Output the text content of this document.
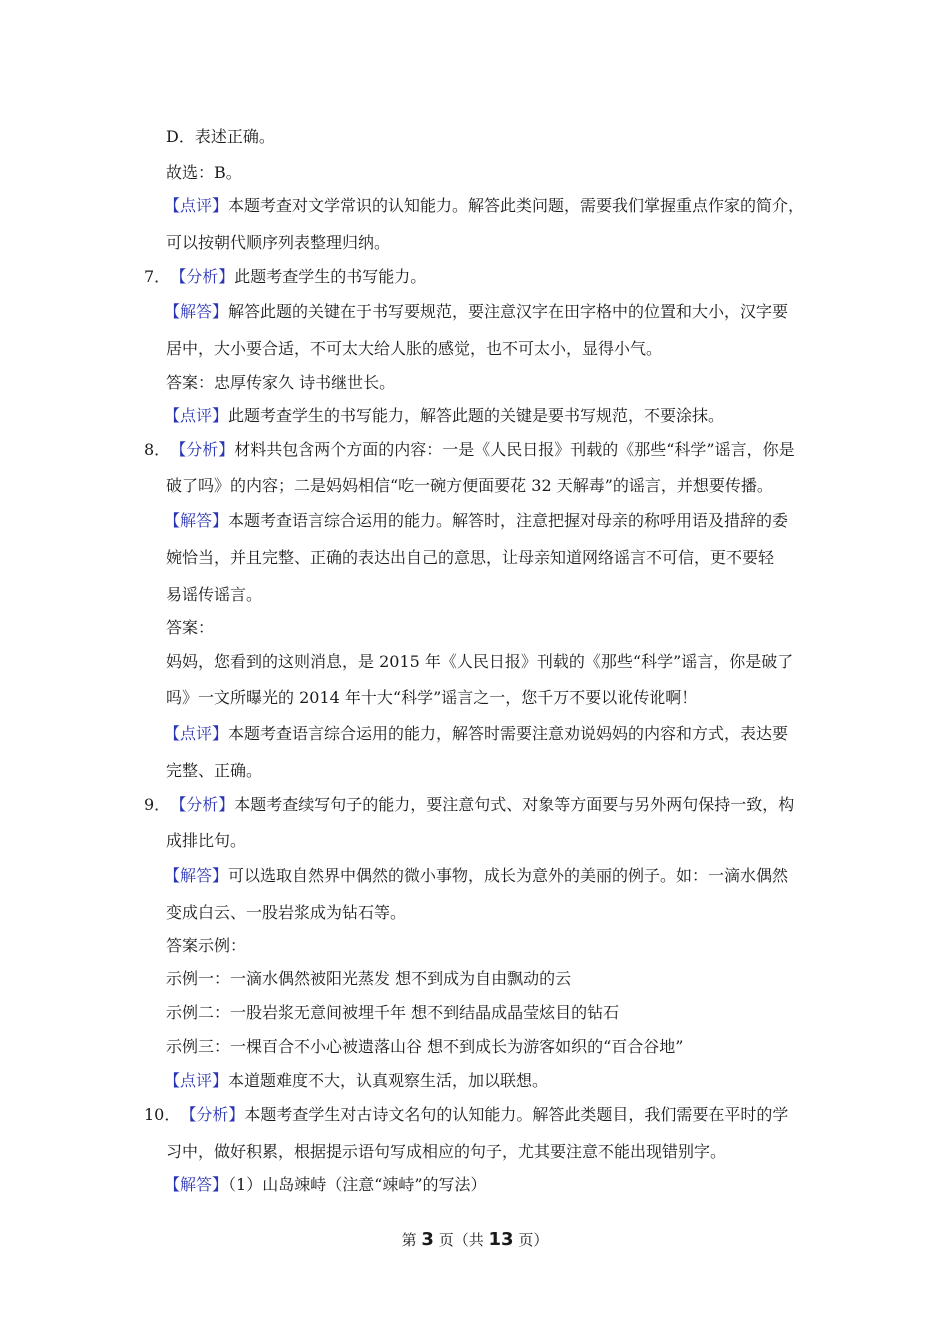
D．表述正确。
故选：B。
【点评】本题考查对文学常识的认知能力。解答此类问题，需要我们掌握重点作家的简介，
可以按朝代顺序列表整理归纳。
7．【分析】此题考查学生的书写能力。
【解答】解答此题的关键在于书写要规范，要注意汉字在田字格中的位置和大小，汉字要
居中，大小要合适，不可太大给人胀的感觉，也不可太小，显得小气。
答案：忠厚传家久 诗书继世长。
【点评】此题考查学生的书写能力，解答此题的关键是要书写规范，不要涂抹。
8．【分析】材料共包含两个方面的内容：一是《人民日报》刊载的《那些“科学”谣言，你是
破了吗》的内容；二是妈妈相信“吃一碗方便面要花 32 天解毒”的谣言，并想要传播。
【解答】本题考查语言综合运用的能力。解答时，注意把握对母亲的称呼用语及措辞的委
婉恰当，并且完整、正确的表达出自己的意思，让母亲知道网络谣言不可信，更不要轻
易谣传谣言。
答案：
妈妈，您看到的这则消息，是 2015 年《人民日报》刊载的《那些“科学”谣言，你是破了
吗》一文所曝光的 2014 年十大“科学”谣言之一，您千万不要以讹传讹啊！
【点评】本题考查语言综合运用的能力，解答时需要注意劝说妈妈的内容和方式，表达要
完整、正确。
9．【分析】本题考查续写句子的能力，要注意句式、对象等方面要与另外两句保持一致，构
成排比句。
【解答】可以选取自然界中偶然的微小事物，成长为意外的美丽的例子。如：一滴水偶然
变成白云、一股岩浆成为钻石等。
答案示例：
示例一：一滴水偶然被阳光蒸发 想不到成为自由飘动的云
示例二：一股岩浆无意间被埋千年 想不到结晶成晶莹炫目的钻石
示例三：一棵百合不小心被遗落山谷 想不到成长为游客如织的“百合谷地”
【点评】本道题难度不大，认真观察生活，加以联想。
10．【分析】本题考查学生对古诗文名句的认知能力。解答此类题目，我们需要在平时的学
习中，做好积累，根据提示语句写成相应的句子，尤其要注意不能出现错别字。
【解答】（1）山岛竦峙（注意“竦峙”的写法）
第 3 页（共 13 页）
